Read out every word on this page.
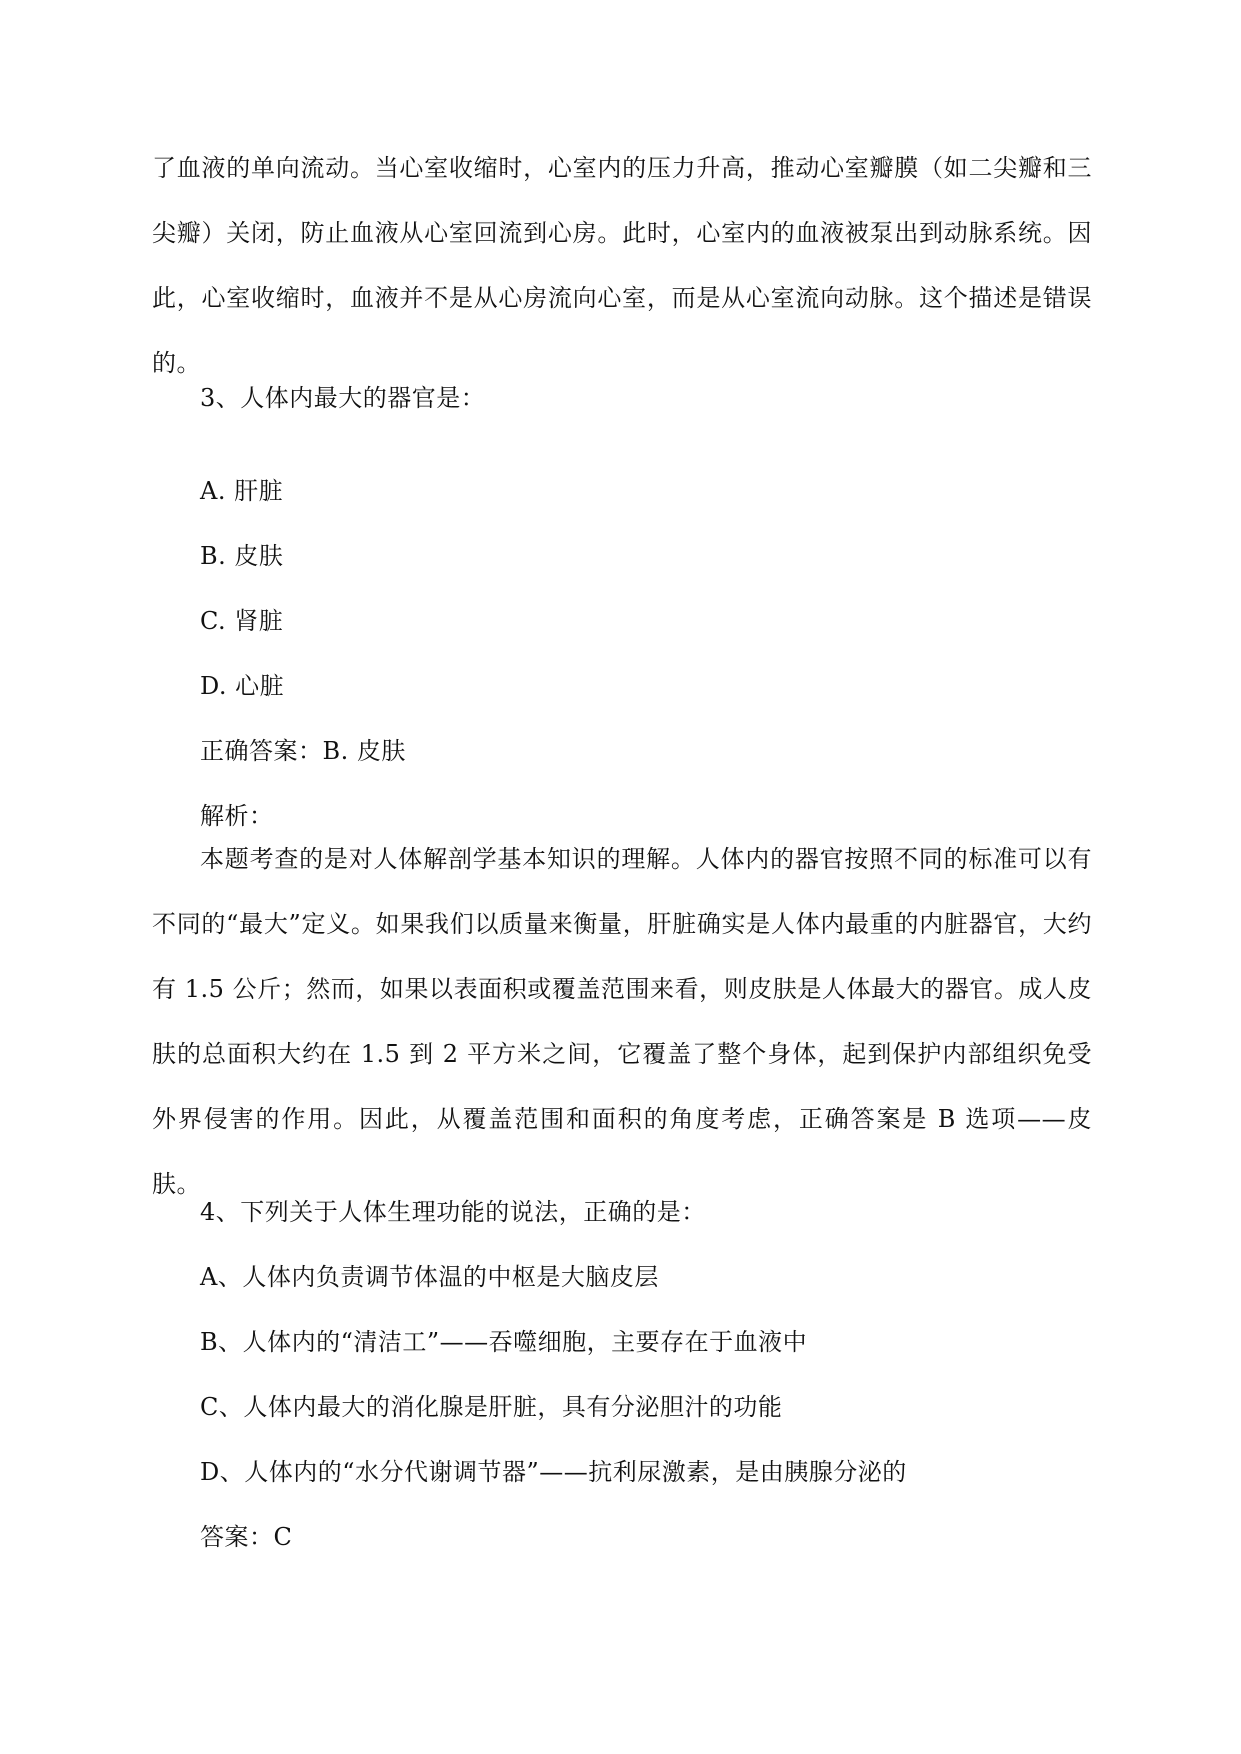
了血液的单向流动。当心室收缩时，心室内的压力升高，推动心室瓣膜（如二尖瓣和三尖瓣）关闭，防止血液从心室回流到心房。此时，心室内的血液被泵出到动脉系统。因此，心室收缩时，血液并不是从心房流向心室，而是从心室流向动脉。这个描述是错误的。
3、人体内最大的器官是：
A. 肝脏
B. 皮肤
C. 肾脏
D. 心脏
正确答案：B. 皮肤
解析：
本题考查的是对人体解剖学基本知识的理解。人体内的器官按照不同的标准可以有不同的“最大”定义。如果我们以质量来衡量，肝脏确实是人体内最重的内脏器官，大约有 1.5 公斤；然而，如果以表面积或覆盖范围来看，则皮肤是人体最大的器官。成人皮肤的总面积大约在 1.5 到 2 平方米之间，它覆盖了整个身体，起到保护内部组织免受外界侵害的作用。因此，从覆盖范围和面积的角度考虑，正确答案是 B 选项——皮肤。
4、下列关于人体生理功能的说法，正确的是：
A、人体内负责调节体温的中枢是大脑皮层
B、人体内的“清洁工”——吞噬细胞，主要存在于血液中
C、人体内最大的消化腺是肝脏，具有分泌胆汁的功能
D、人体内的“水分代谢调节器”——抗利尿激素，是由胰腺分泌的
答案：C
